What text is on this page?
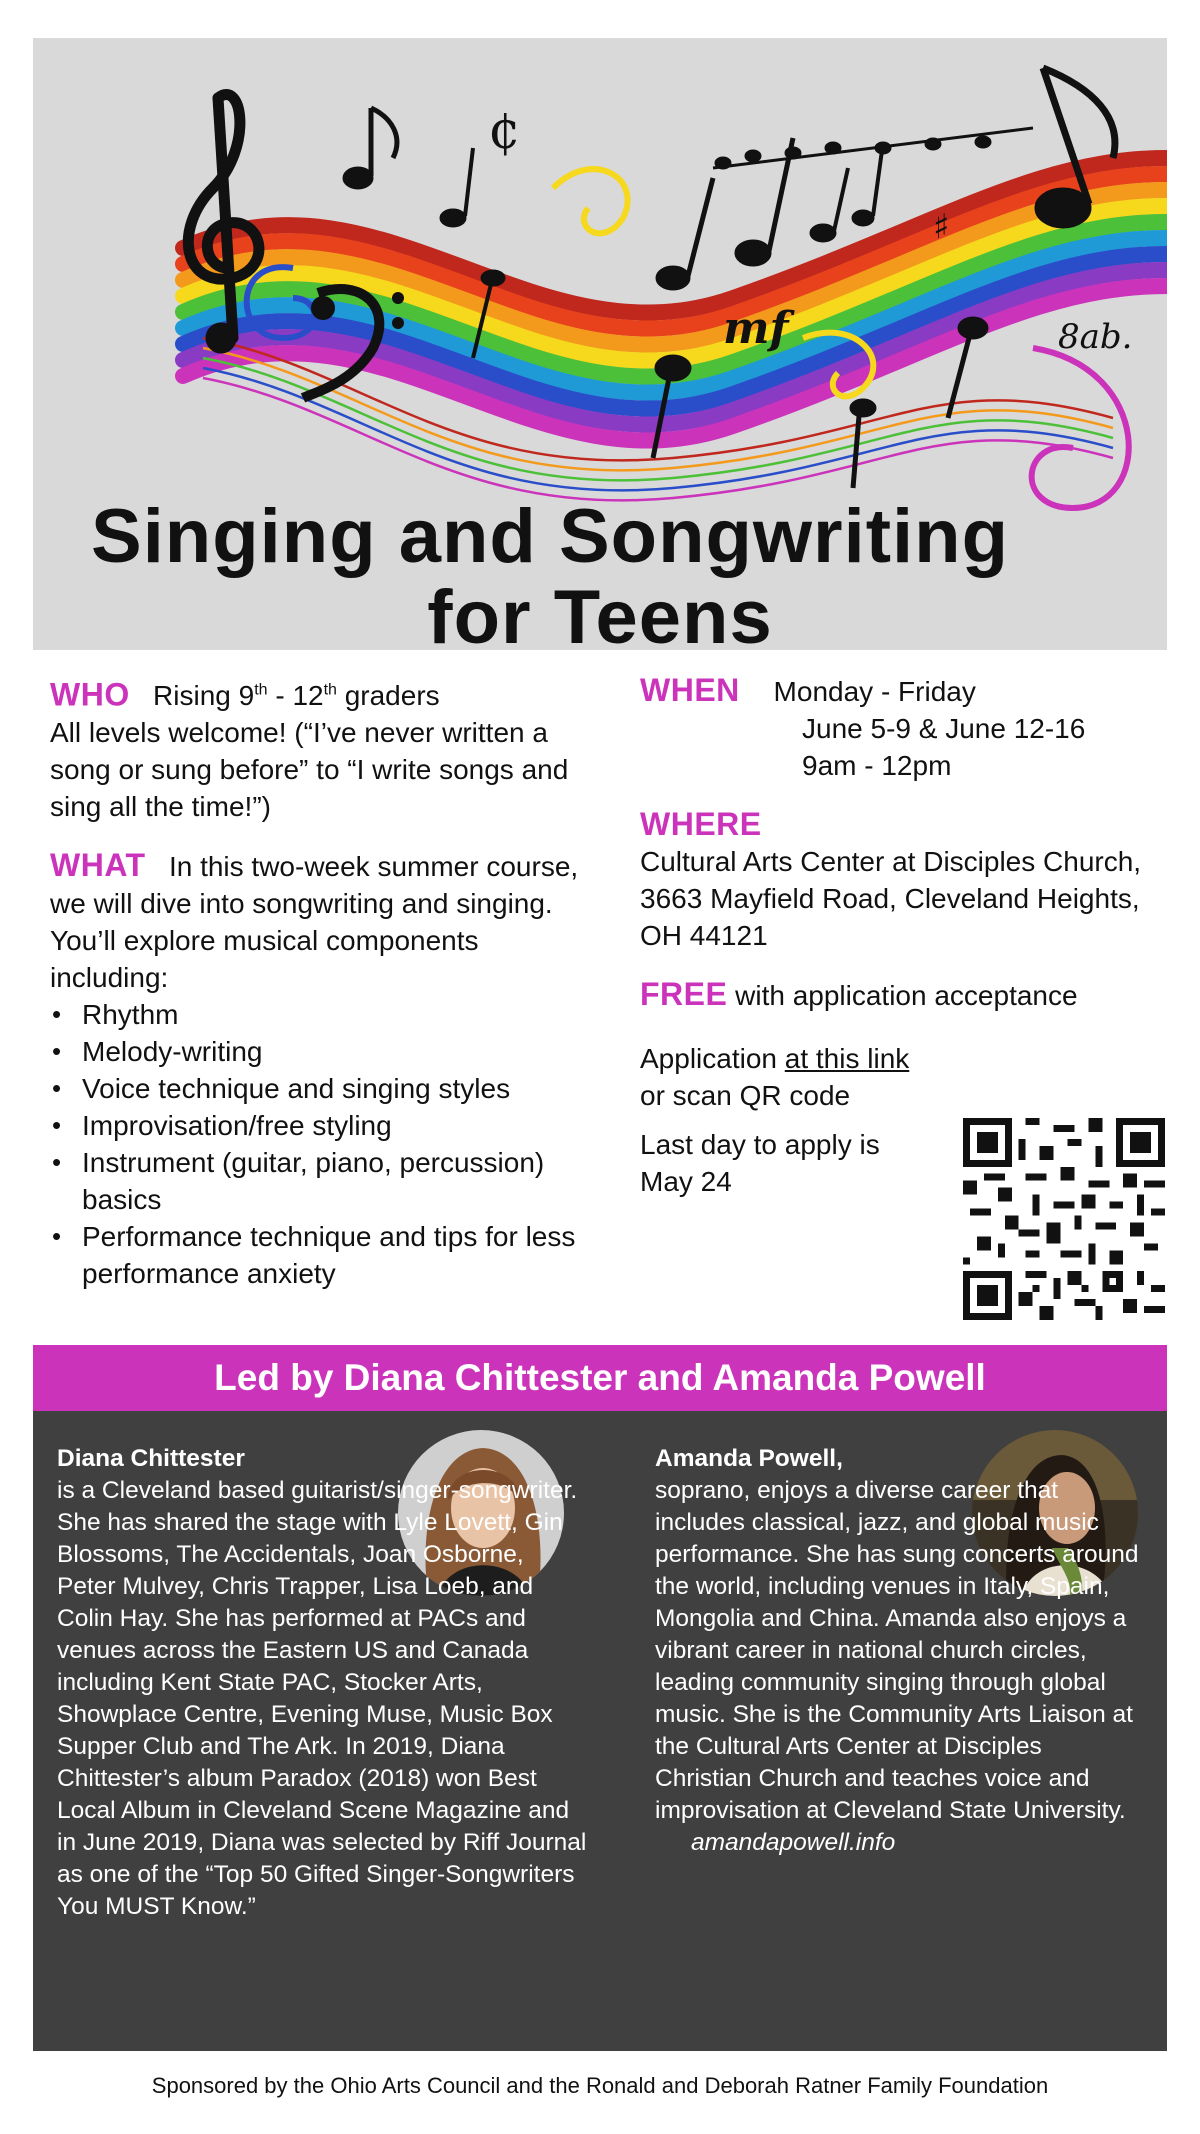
¢
♯
mf	8ab.
Singing and Songwriting
for Teens
WHO Rising 9th - 12th graders
All levels welcome! (“I’ve never written a song or sung before” to “I write songs and sing all the time!”)
WHAT In this two-week summer course, we will dive into songwriting and singing. You’ll explore musical components including:
• Rhythm
• Melody-writing
• Voice technique and singing styles
• Improvisation/free styling
• Instrument (guitar, piano, percussion) basics
• Performance technique and tips for less performance anxiety
WHEN Monday - Friday

June 5-9 & June 12-16
9am - 12pm
WHERE
Cultural Arts Center at Disciples Church, 3663 Mayfield Road, Cleveland Heights, OH 44121
FREE with application acceptance
Application at this link
or scan QR code
Last day to apply is May 24
Led by Diana Chittester and Amanda Powell
Diana Chittester
is a Cleveland based guitarist/singer-songwriter. She has shared the stage with Lyle Lovett, Gin Blossoms, The Accidentals, Joan Osborne, Peter Mulvey, Chris Trapper, Lisa Loeb, and Colin Hay. She has performed at PACs and venues across the Eastern US and Canada including Kent State PAC, Stocker Arts, Showplace Centre, Evening Muse, Music Box Supper Club and The Ark. In 2019, Diana Chittester’s album Paradox (2018) won Best Local Album in Cleveland Scene Magazine and in June 2019, Diana was selected by Riff Journal as one of the “Top 50 Gifted Singer-Songwriters You MUST Know.”
Amanda Powell,
soprano, enjoys a diverse career that includes classical, jazz, and global music performance. She has sung concerts around the world, including venues in Italy, Spain, Mongolia and China. Amanda also enjoys a vibrant career in national church circles, leading community singing through global music. She is the Community Arts Liaison at the Cultural Arts Center at Disciples Christian Church and teaches voice and improvisation at Cleveland State University. amandapowell.info
Sponsored by the Ohio Arts Council and the Ronald and Deborah Ratner Family Foundation
